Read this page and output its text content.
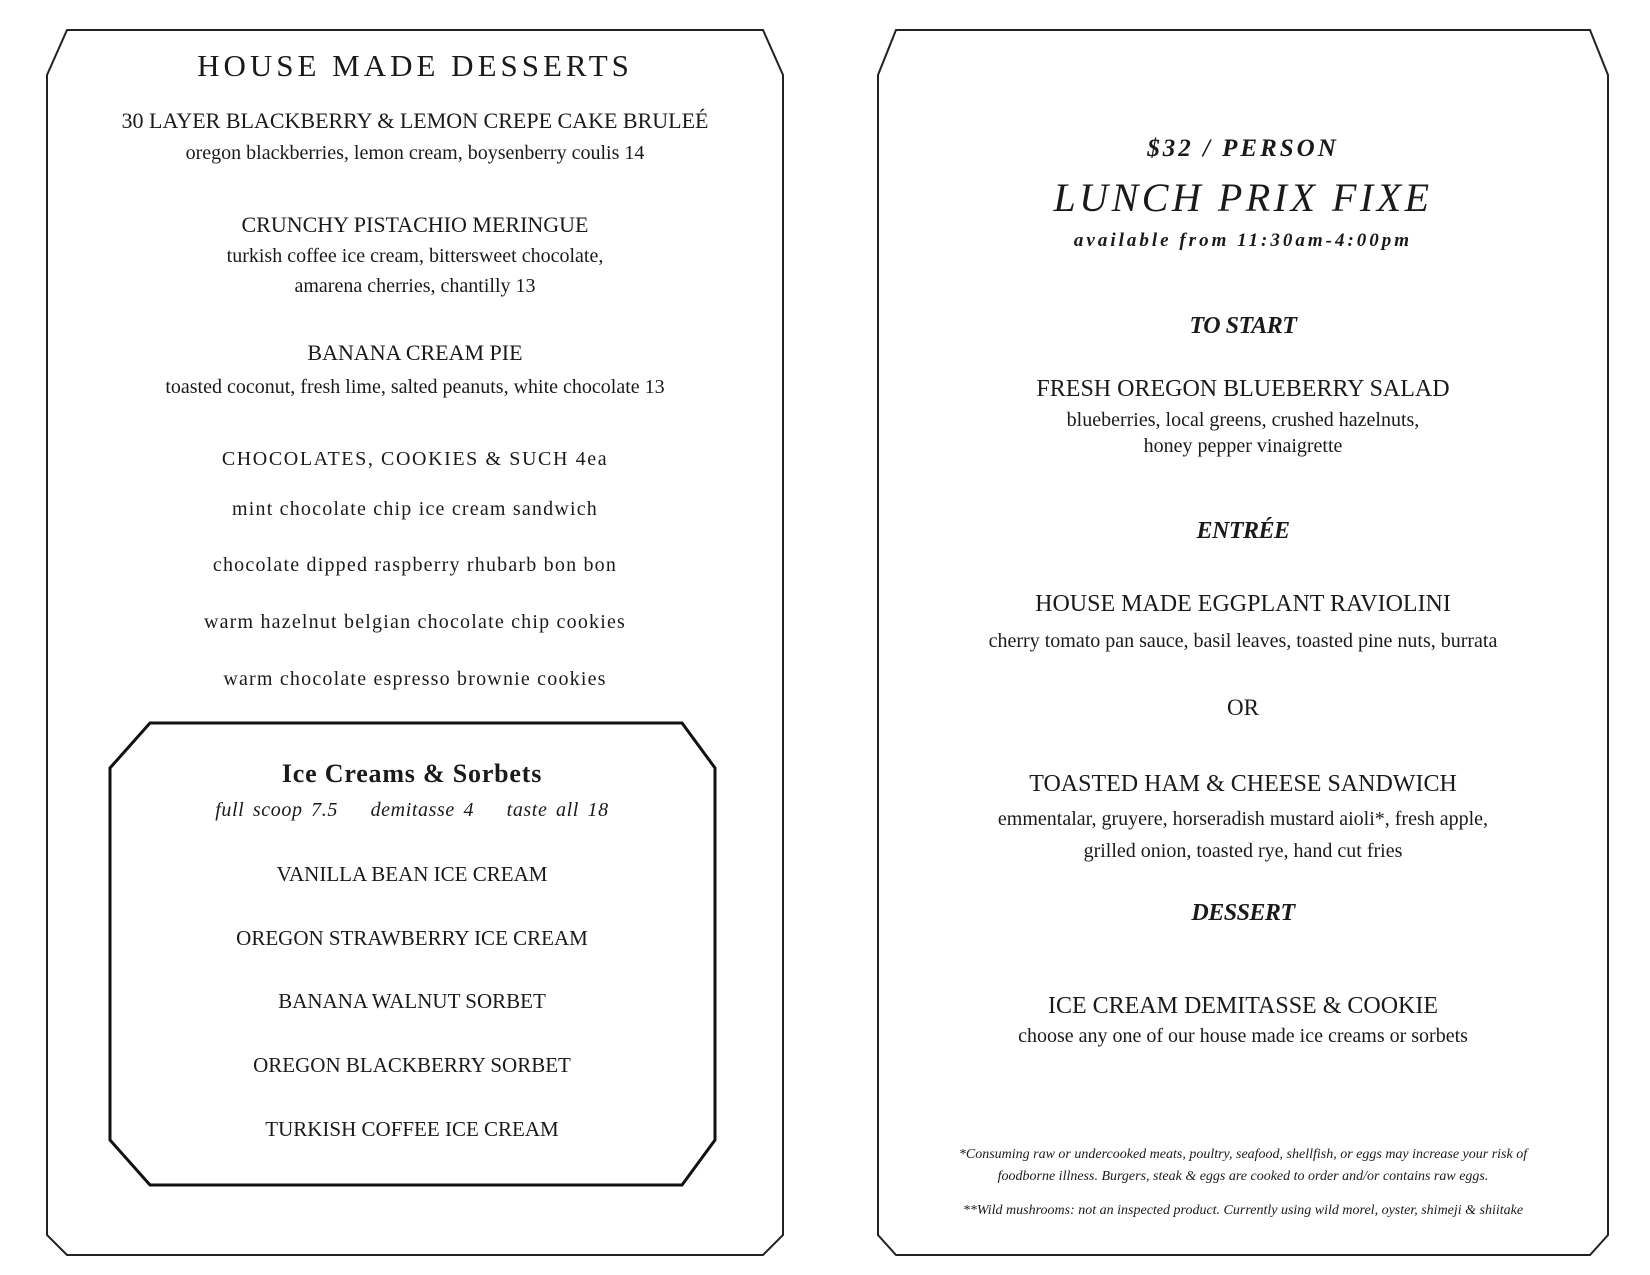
HOUSE MADE DESSERTS
30 LAYER BLACKBERRY & LEMON CREPE CAKE BRULEÉ
oregon blackberries, lemon cream, boysenberry coulis 14
CRUNCHY PISTACHIO MERINGUE
turkish coffee ice cream, bittersweet chocolate,
amarena cherries, chantilly 13
BANANA CREAM PIE
toasted coconut, fresh lime, salted peanuts, white chocolate 13
CHOCOLATES, COOKIES & SUCH 4ea
mint chocolate chip ice cream sandwich
chocolate dipped raspberry rhubarb bon bon
warm hazelnut belgian chocolate chip cookies
warm chocolate espresso brownie cookies
Ice Creams & Sorbets
full scoop 7.5 demitasse 4 taste all 18
VANILLA BEAN ICE CREAM
OREGON STRAWBERRY ICE CREAM
BANANA WALNUT SORBET
OREGON BLACKBERRY SORBET
TURKISH COFFEE ICE CREAM
$32 / PERSON
LUNCH PRIX FIXE
available from 11:30am-4:00pm
TO START
FRESH OREGON BLUEBERRY SALAD
blueberries, local greens, crushed hazelnuts,
honey pepper vinaigrette
ENTRÉE
HOUSE MADE EGGPLANT RAVIOLINI
cherry tomato pan sauce, basil leaves, toasted pine nuts, burrata
OR
TOASTED HAM & CHEESE SANDWICH
emmentalar, gruyere, horseradish mustard aioli*, fresh apple,
grilled onion, toasted rye, hand cut fries
DESSERT
ICE CREAM DEMITASSE & COOKIE
choose any one of our house made ice creams or sorbets
*Consuming raw or undercooked meats, poultry, seafood, shellfish, or eggs may increase your risk of
foodborne illness. Burgers, steak & eggs are cooked to order and/or contains raw eggs.
**Wild mushrooms: not an inspected product. Currently using wild morel, oyster, shimeji & shiitake
